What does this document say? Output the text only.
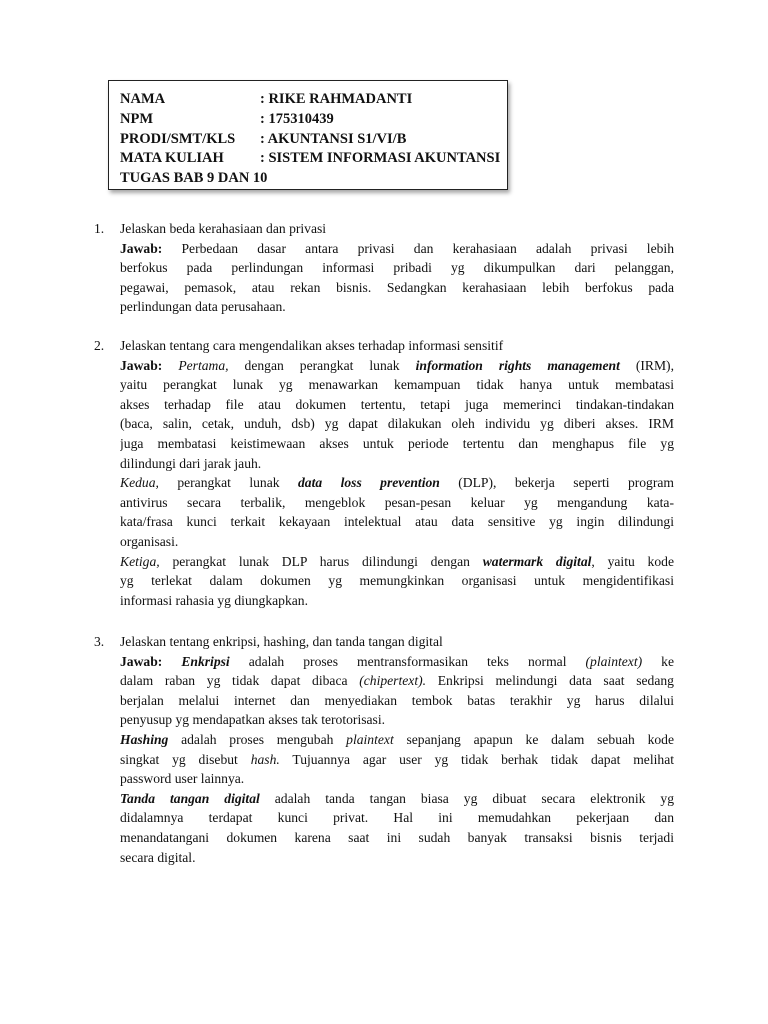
NAMA	: RIKE RAHMADANTI
NPM	: 175310439
PRODI/SMT/KLS : AKUNTANSI S1/VI/B
MATA KULIAH : SISTEM INFORMASI AKUNTANSI
TUGAS BAB 9 DAN 10
1. Jelaskan beda kerahasiaan dan privasi
Jawab: Perbedaan dasar antara privasi dan kerahasiaan adalah privasi lebih
berfokus pada perlindungan informasi pribadi yg dikumpulkan dari pelanggan,
pegawai, pemasok, atau rekan bisnis. Sedangkan kerahasiaan lebih berfokus pada
perlindungan data perusahaan.
2. Jelaskan tentang cara mengendalikan akses terhadap informasi sensitif
Jawab: Pertama, dengan perangkat lunak information rights management (IRM),
yaitu perangkat lunak yg menawarkan kemampuan tidak hanya untuk membatasi
akses terhadap file atau dokumen tertentu, tetapi juga memerinci tindakan-tindakan
(baca, salin, cetak, unduh, dsb) yg dapat dilakukan oleh individu yg diberi akses. IRM
juga membatasi keistimewaan akses untuk periode tertentu dan menghapus file yg
dilindungi dari jarak jauh.
Kedua, perangkat lunak data loss prevention (DLP), bekerja seperti program
antivirus secara terbalik, mengeblok pesan-pesan keluar yg mengandung kata-
kata/frasa kunci terkait kekayaan intelektual atau data sensitive yg ingin dilindungi
organisasi.
Ketiga, perangkat lunak DLP harus dilindungi dengan watermark digital, yaitu kode
yg terlekat dalam dokumen yg memungkinkan organisasi untuk mengidentifikasi
informasi rahasia yg diungkapkan.
3. Jelaskan tentang enkripsi, hashing, dan tanda tangan digital
Jawab: Enkripsi adalah proses mentransformasikan teks normal (plaintext) ke
dalam raban yg tidak dapat dibaca (chipertext). Enkripsi melindungi data saat sedang
berjalan melalui internet dan menyediakan tembok batas terakhir yg harus dilalui
penyusup yg mendapatkan akses tak terotorisasi.
Hashing adalah proses mengubah plaintext sepanjang apapun ke dalam sebuah kode
singkat yg disebut hash. Tujuannya agar user yg tidak berhak tidak dapat melihat
password user lainnya.
Tanda tangan digital adalah tanda tangan biasa yg dibuat secara elektronik yg
didalamnya terdapat kunci privat. Hal ini memudahkan pekerjaan dan
menandatangani dokumen karena saat ini sudah banyak transaksi bisnis terjadi
secara digital.
